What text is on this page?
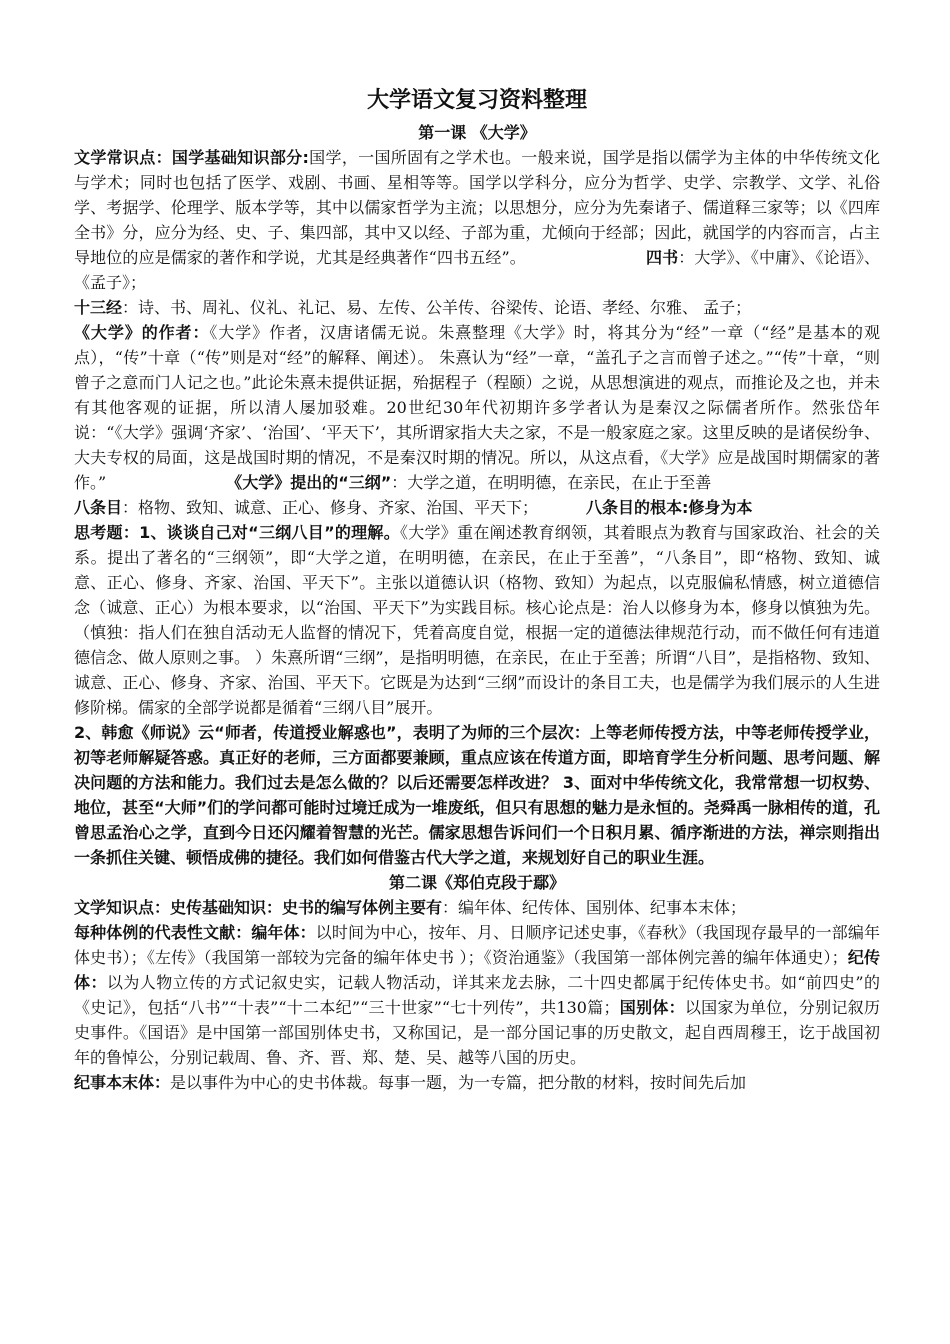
大学语文复习资料整理
第一课 《大学》

文学常识点：国学基础知识部分:国学，一国所固有之学术也。一般来说，国学是指以儒学为主体的中华传统文化与学术；同时也包括了医学、戏剧、书画、星相等等。国学以学科分，应分为哲学、史学、宗教学、文学、礼俗学、考据学、伦理学、版本学等，其中以儒家哲学为主流；以思想分，应分为先秦诸子、儒道释三家等；以《四库全书》分，应分为经、史、子、集四部，其中又以经、子部为重，尤倾向于经部；因此，就国学的内容而言，占主导地位的应是儒家的著作和学说，尤其是经典著作“四书五经”。	四书：大学》、《中庸》、《论语》、《孟子》；

十三经：诗、书、周礼、仪礼、礼记、易、左传、公羊传、谷梁传、论语、孝经、尔雅、 孟子；

《大学》的作者：《大学》作者，汉唐诸儒无说。朱熹整理《大学》时，将其分为“经”一章（“经”是基本的观点），“传”十章（“传”则是对“经”的解释、阐述）。 朱熹认为“经”一章，“盖孔子之言而曾子述之。”“传”十章，“则曾子之意而门人记之也。”此论朱熹未提供证据，殆据程子（程颐）之说，从思想演进的观点，而推论及之也，并未有其他客观的证据，所以清人屡加驳难。20世纪30年代初期许多学者认为是秦汉之际儒者所作。然张岱年说：“《大学》强调‘齐家’、‘治国’、‘平天下’，其所谓家指大夫之家，不是一般家庭之家。这里反映的是诸侯纷争、大夫专权的局面，这是战国时期的情况，不是秦汉时期的情况。所以，从这点看，《大学》应是战国时期儒家的著作。”	《大学》提出的“三纲”：大学之道，在明明德，在亲民，在止于至善

八条目：格物、致知、诚意、正心、修身、齐家、治国、平天下；	八条目的根本:修身为本

思考题：1、谈谈自己对“三纲八目”的理解。《大学》重在阐述教育纲领，其着眼点为教育与国家政治、社会的关系。提出了著名的“三纲领”，即“大学之道，在明明德，在亲民，在止于至善”，“八条目”，即“格物、致知、诚意、正心、修身、齐家、治国、平天下”。主张以道德认识（格物、致知）为起点，以克服偏私情感，树立道德信念（诚意、正心）为根本要求，以“治国、平天下”为实践目标。核心论点是：治人以修身为本，修身以慎独为先。（慎独：指人们在独自活动无人监督的情况下，凭着高度自觉，根据一定的道德法律规范行动，而不做任何有违道德信念、做人原则之事。 ）朱熹所谓“三纲”，是指明明德，在亲民，在止于至善；所谓“八目”，是指格物、致知、诚意、正心、修身、齐家、治国、平天下。它既是为达到“三纲”而设计的条目工夫，也是儒学为我们展示的人生进修阶梯。儒家的全部学说都是循着“三纲八目”展开。

2、韩愈《师说》云“师者，传道授业解惑也”，表明了为师的三个层次：上等老师传授方法，中等老师传授学业，初等老师解疑答惑。真正好的老师，三方面都要兼顾，重点应该在传道方面，即培育学生分析问题、思考问题、解决问题的方法和能力。我们过去是怎么做的？以后还需要怎样改进？ 3、面对中华传统文化，我常常想一切权势、地位，甚至“大师”们的学问都可能时过境迁成为一堆废纸，但只有思想的魅力是永恒的。尧舜禹一脉相传的道，孔曾思孟治心之学，直到今日还闪耀着智慧的光芒。儒家思想告诉问们一个日积月累、循序渐进的方法，禅宗则指出一条抓住关键、顿悟成佛的捷径。我们如何借鉴古代大学之道，来规划好自己的职业生涯。

第二课《郑伯克段于鄢》

文学知识点：史传基础知识：史书的编写体例主要有：编年体、纪传体、国别体、纪事本末体；

每种体例的代表性文献：编年体：以时间为中心，按年、月、日顺序记述史事，《春秋》（我国现存最早的一部编年体史书）；《左传》（我国第一部较为完备的编年体史书 ）；《资治通鉴》（我国第一部体例完善的编年体通史）；纪传体：以为人物立传的方式记叙史实，记载人物活动，详其来龙去脉，二十四史都属于纪传体史书。如“前四史”的《史记》，包括“八书”“十表”“十二本纪”“三十世家”“七十列传”，共130篇；国别体：以国家为单位，分别记叙历史事件。《国语》是中国第一部国别体史书，又称国记，是一部分国记事的历史散文，起自西周穆王，讫于战国初年的鲁悼公，分别记载周、鲁、齐、晋、郑、楚、吴、越等八国的历史。

纪事本末体：是以事件为中心的史书体裁。每事一题，为一专篇，把分散的材料，按时间先后加
